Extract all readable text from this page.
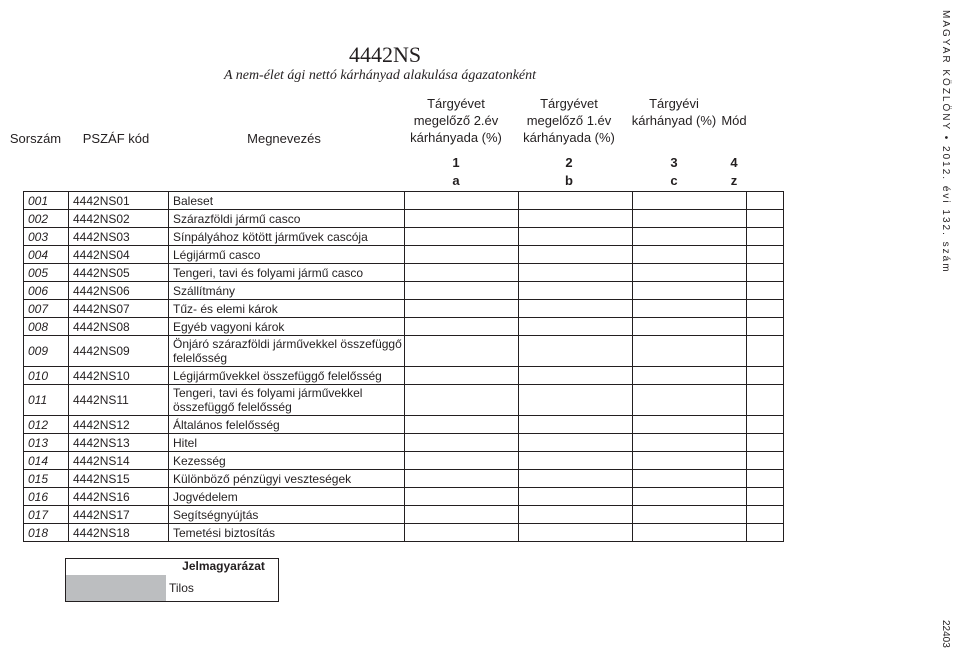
4442NS
A nem-élet ági nettó kárhányad alakulása ágazatonként
Sorszám	PSZÁF kód	Megnevezés
Tárgyévet megelőző 2.év kárhányada (%)
Tárgyévet megelőző 1.év kárhányada (%)
Tárgyévi kárhányad (%) Mód
1	2	3	4
a	b	c	z
001	4442NS01	Baleset				
002	4442NS02	Szárazföldi jármű casco				
003	4442NS03	Sínpályához kötött járművek cascója				
004	4442NS04	Légijármű casco				
005	4442NS05	Tengeri, tavi és folyami jármű casco				
006	4442NS06	Szállítmány				
007	4442NS07	Tűz- és elemi károk				
008	4442NS08	Egyéb vagyoni károk				
009	4442NS09	Önjáró szárazföldi járművekkel összefüggő felelősség				
010	4442NS10	Légijárművekkel összefüggő felelősség				
011	4442NS11	Tengeri, tavi és folyami járművekkel összefüggő felelősség				
012	4442NS12	Általános felelősség				
013	4442NS13	Hitel				
014	4442NS14	Kezesség				
015	4442NS15	Különböző pénzügyi veszteségek				
016	4442NS16	Jogvédelem				
017	4442NS17	Segítségnyújtás				
018	4442NS18	Temetési biztosítás				
Jelmagyarázat
Tilos
MAGYAR KÖZLÖNY • 2012. évi 132. szám
22403
